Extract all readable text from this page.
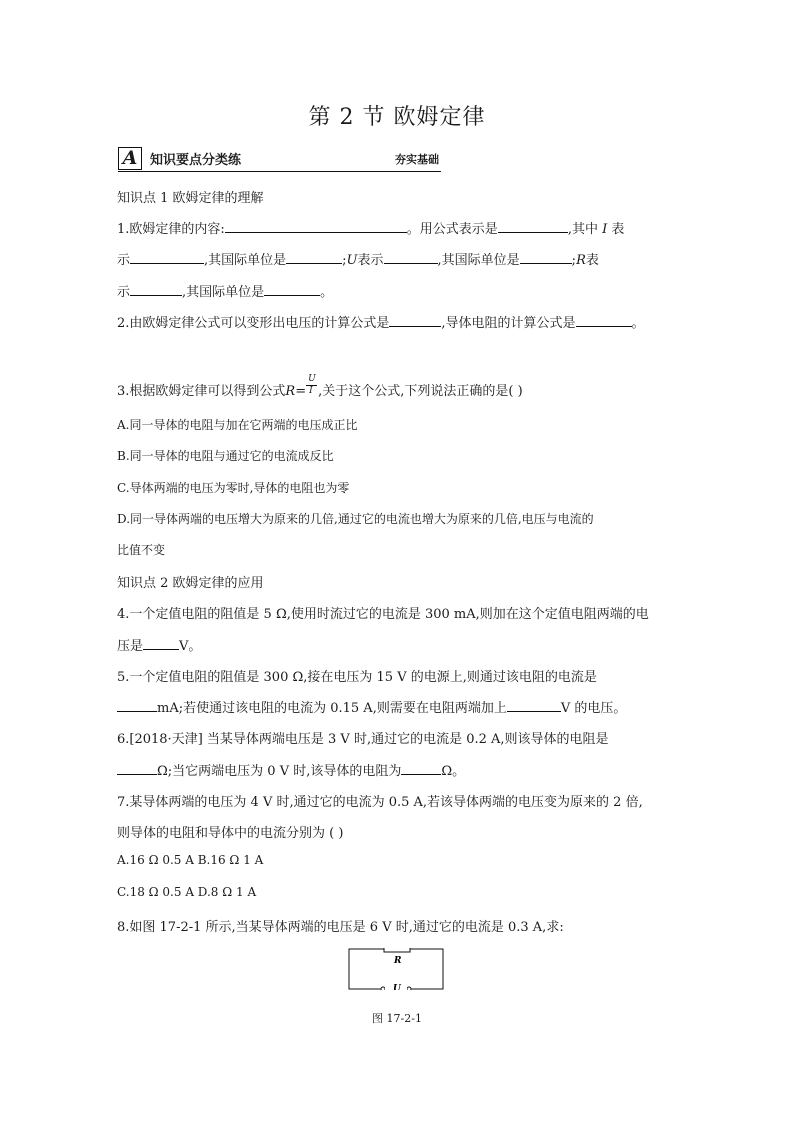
第 2 节 欧姆定律
A 知识要点分类练	夯实基础
知识点 1 欧姆定律的理解
1.欧姆定律的内容:	。用公式表示是	,其中 I 表
示	,其国际单位是	;U表示	,其国际单位是	;R表
示	,其国际单位是	。
2.由欧姆定律公式可以变形出电压的计算公式是	,导体电阻的计算公式是	。
3.根据欧姆定律可以得到公式$R= \frac{U}{I}$ ,关于这个公式,下列说法正确的是( )
A.同一导体的电阻与加在它两端的电压成正比
B.同一导体的电阻与通过它的电流成反比
C.导体两端的电压为零时,导体的电阻也为零
D.同一导体两端的电压增大为原来的几倍,通过它的电流也增大为原来的几倍,电压与电流的
比值不变
知识点 2 欧姆定律的应用
4.一个定值电阻的阻值是 5 Ω,使用时流过它的电流是 300 mA,则加在这个定值电阻两端的电
压是	V。
5.一个定值电阻的阻值是 300 Ω,接在电压为 15 V 的电源上,则通过该电阻的电流是
mA;若使通过该电阻的电流为 0.15 A,则需要在电阻两端加上	V 的电压。
6.[2018·天津] 当某导体两端电压是 3 V 时,通过它的电流是 0.2 A,则该导体的电阻是
Ω;当它两端电压为 0 V 时,该导体的电阻为	Ω。
7.某导体两端的电压为 4 V 时,通过它的电流为 0.5 A,若该导体两端的电压变为原来的 2 倍,
则导体的电阻和导体中的电流分别为 ( )
A.16 Ω 0.5 A B.16 Ω 1 A
C.18 Ω 0.5 A D.8 Ω 1 A
8.如图 17-2-1 所示,当某导体两端的电压是 6 V 时,通过它的电流是 0.3 A,求:
R
U
图 17-2-1
